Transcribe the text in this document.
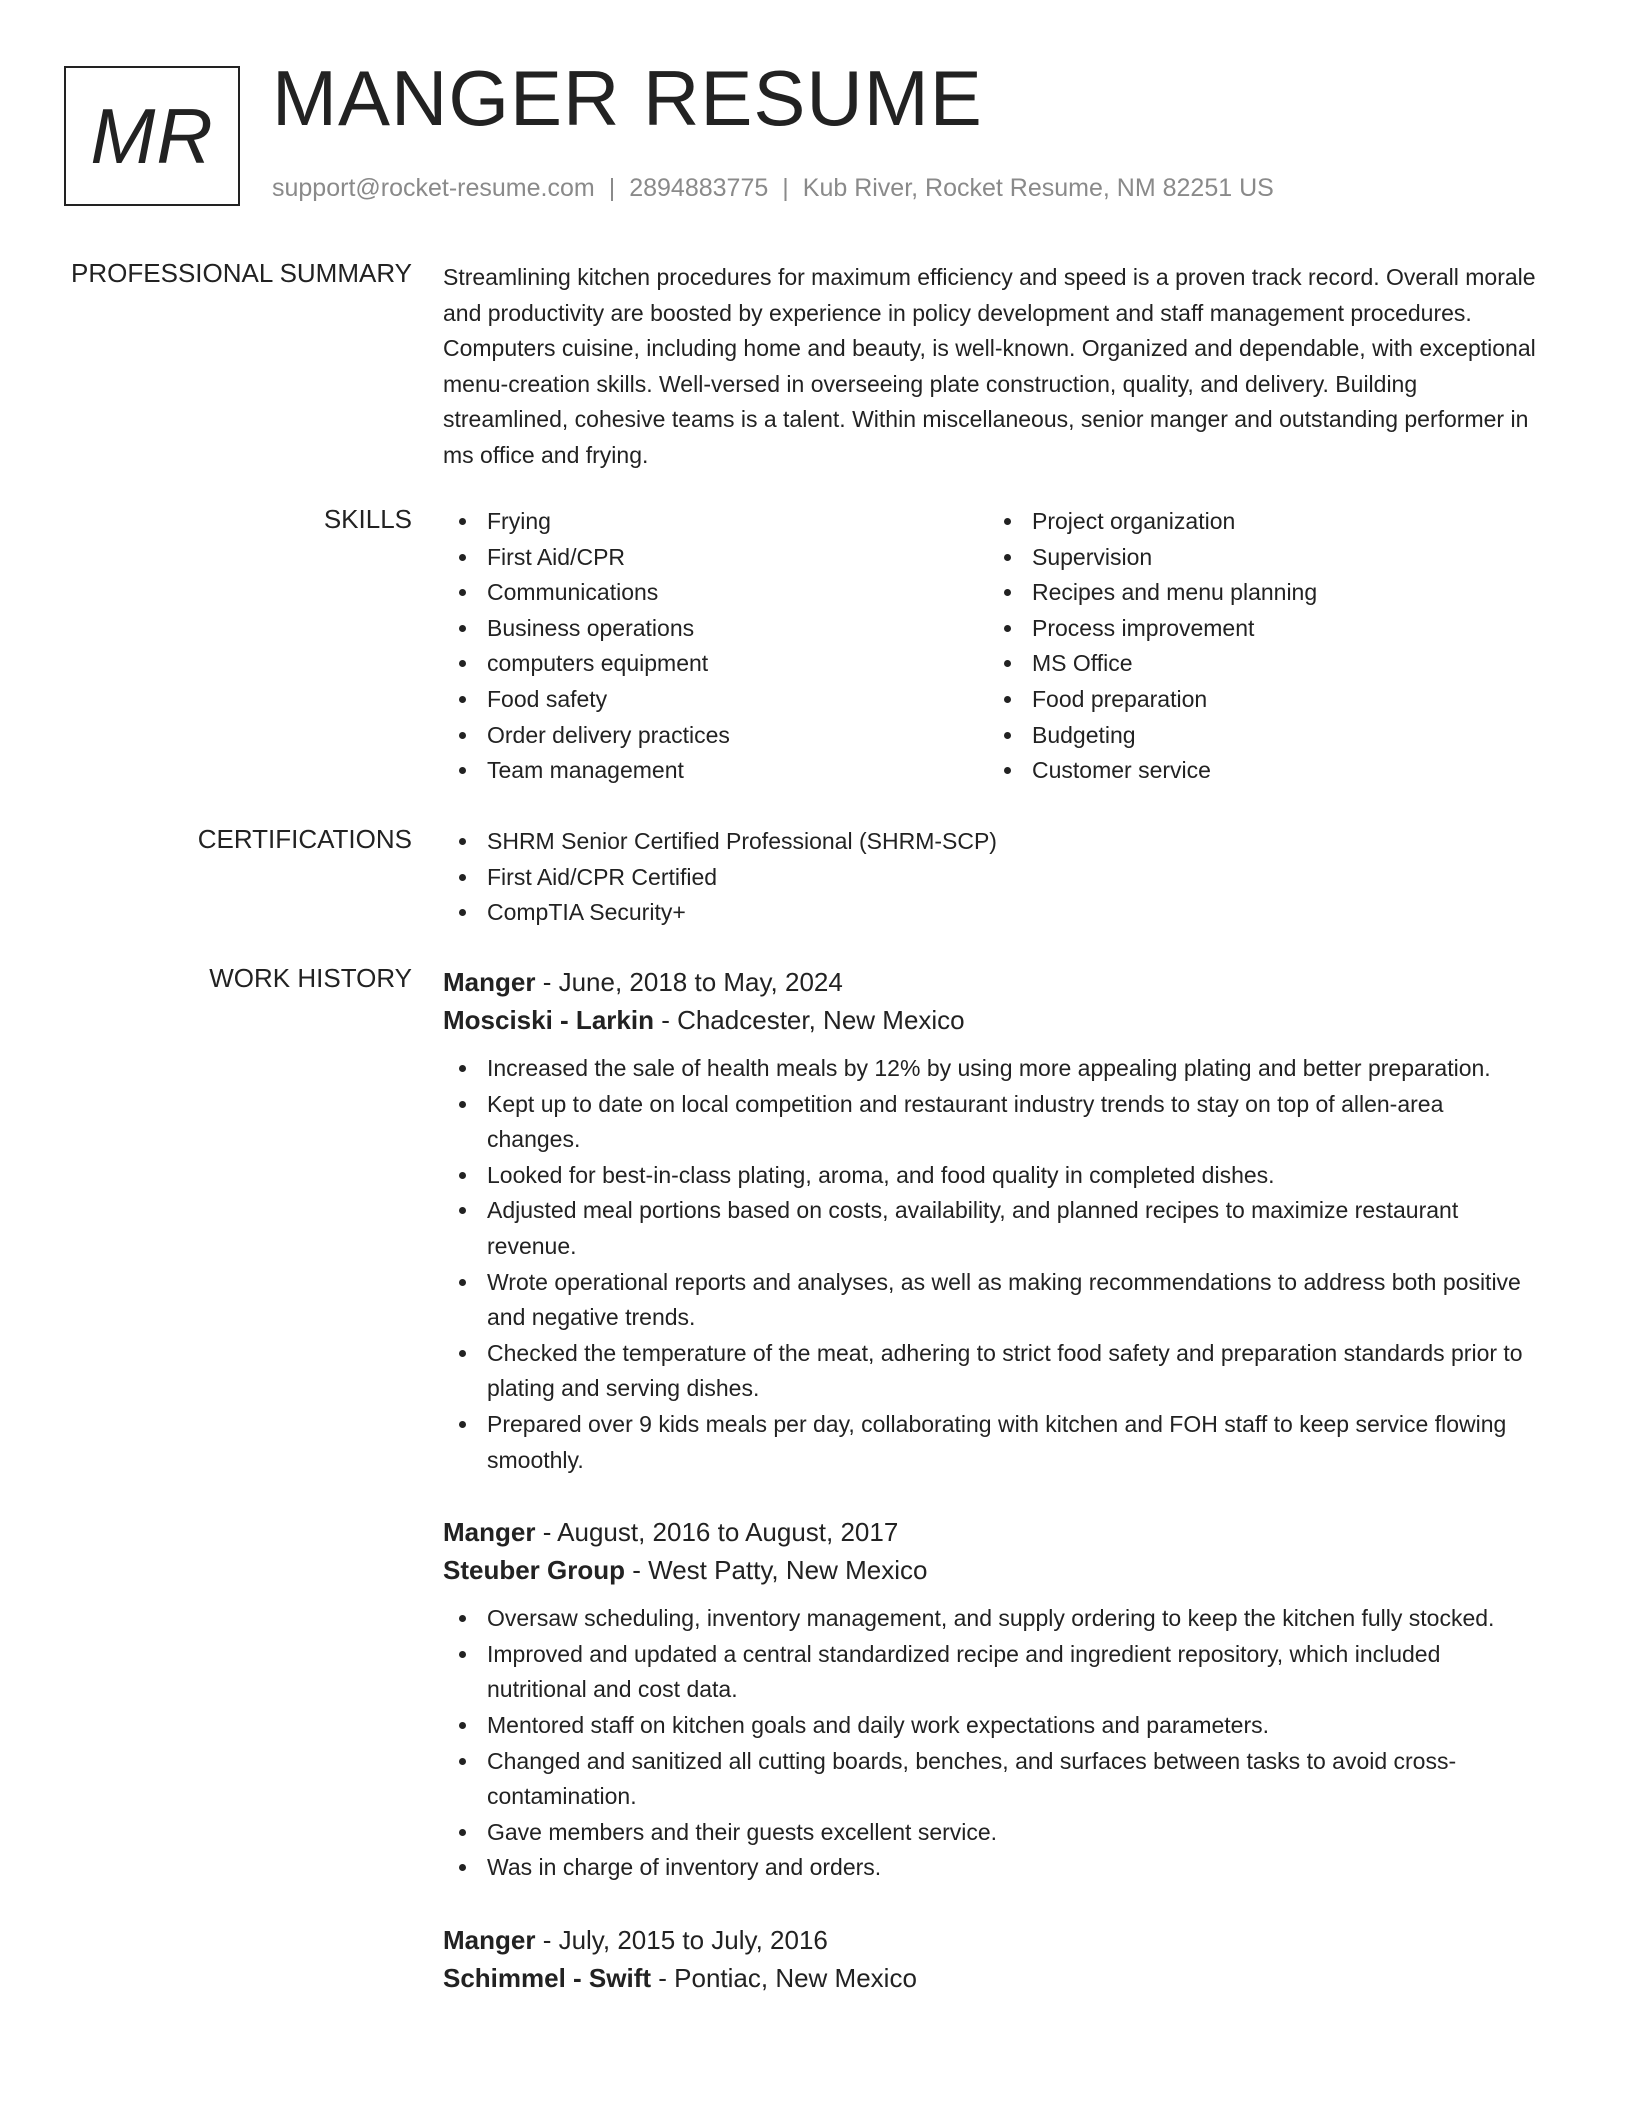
MR MANGER RESUME
support@rocket-resume.com | 2894883775 | Kub River, Rocket Resume, NM 82251 US
PROFESSIONAL SUMMARY Streamlining kitchen procedures for maximum efficiency and speed is a proven track record. Overall morale and productivity are boosted by experience in policy development and staff management procedures. Computers cuisine, including home and beauty, is well-known. Organized and dependable, with exceptional menu-creation skills. Well-versed in overseeing plate construction, quality, and delivery. Building streamlined, cohesive teams is a talent. Within miscellaneous, senior manger and outstanding performer in ms office and frying.

SKILLS	Frying
First Aid/CPR
Communications
Business operations
computers equipment
Food safety
Order delivery practices
Team management
Project organization
Supervision
Recipes and menu planning
Process improvement
MS Office
Food preparation
Budgeting
Customer service
CERTIFICATIONS	SHRM Senior Certified Professional (SHRM-SCP)
First Aid/CPR Certified
CompTIA Security+
WORK HISTORY Manger - June, 2018 to May, 2024
Mosciski - Larkin - Chadcester, New Mexico
Increased the sale of health meals by 12% by using more appealing plating and better preparation.
Kept up to date on local competition and restaurant industry trends to stay on top of allen-area changes.
Looked for best-in-class plating, aroma, and food quality in completed dishes.
Adjusted meal portions based on costs, availability, and planned recipes to maximize restaurant revenue.
Wrote operational reports and analyses, as well as making recommendations to address both positive and negative trends.
Checked the temperature of the meat, adhering to strict food safety and preparation standards prior to plating and serving dishes.
Prepared over 9 kids meals per day, collaborating with kitchen and FOH staff to keep service flowing smoothly.
Manger - August, 2016 to August, 2017
Steuber Group - West Patty, New Mexico
Oversaw scheduling, inventory management, and supply ordering to keep the kitchen fully stocked.
Improved and updated a central standardized recipe and ingredient repository, which included nutritional and cost data.
Mentored staff on kitchen goals and daily work expectations and parameters.
Changed and sanitized all cutting boards, benches, and surfaces between tasks to avoid cross-contamination.
Gave members and their guests excellent service.
Was in charge of inventory and orders.
Manger - July, 2015 to July, 2016
Schimmel - Swift - Pontiac, New Mexico
